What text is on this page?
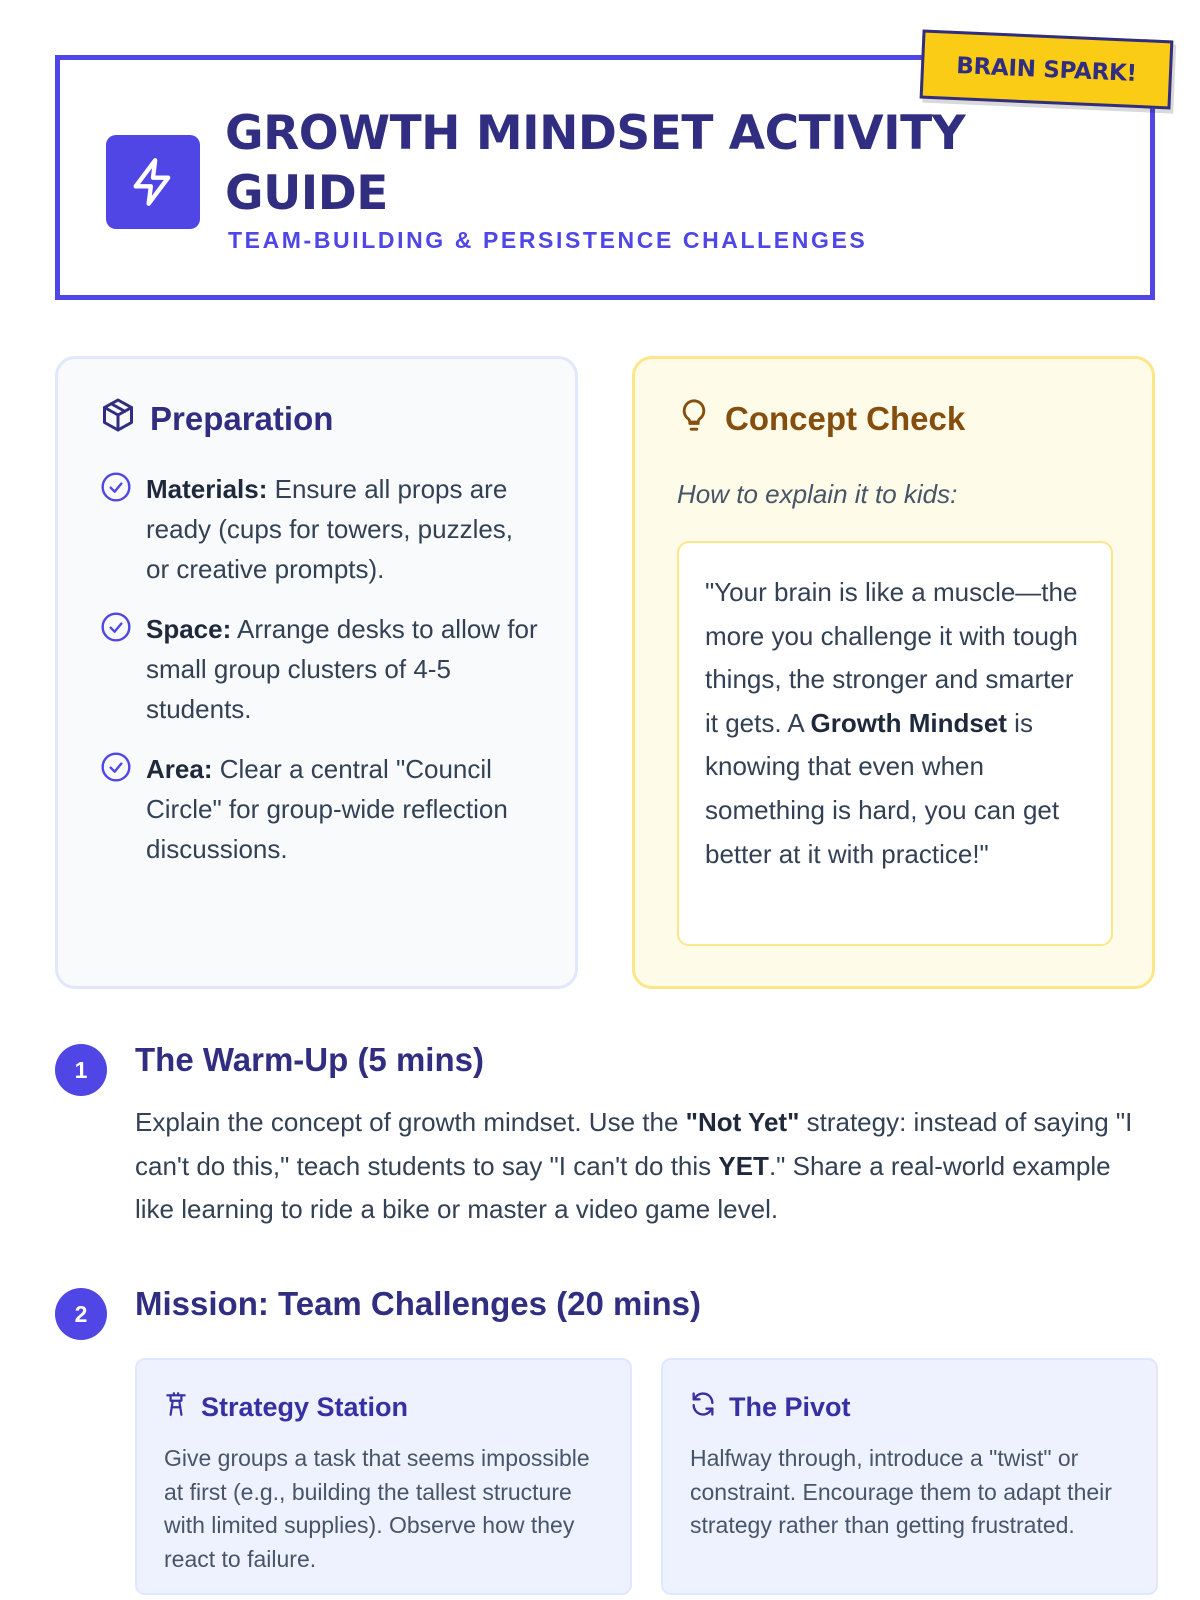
GROWTH MINDSET ACTIVITY GUIDE
TEAM-BUILDING & PERSISTENCE CHALLENGES
BRAIN SPARK!
Preparation
Materials: Ensure all props are ready (cups for towers, puzzles, or creative prompts).
Space: Arrange desks to allow for small group clusters of 4-5 students.
Area: Clear a central "Council Circle" for group-wide reflection discussions.
Concept Check
How to explain it to kids:
"Your brain is like a muscle—the more you challenge it with tough things, the stronger and smarter it gets. A Growth Mindset is knowing that even when something is hard, you can get better at it with practice!"
1	The Warm-Up (5 mins)
Explain the concept of growth mindset. Use the "Not Yet" strategy: instead of saying "I can't do this," teach students to say "I can't do this YET." Share a real-world example like learning to ride a bike or master a video game level.
2	Mission: Team Challenges (20 mins)
Strategy Station
Give groups a task that seems impossible at first (e.g., building the tallest structure with limited supplies). Observe how they react to failure.
The Pivot
Halfway through, introduce a "twist" or constraint. Encourage them to adapt their strategy rather than getting frustrated.
